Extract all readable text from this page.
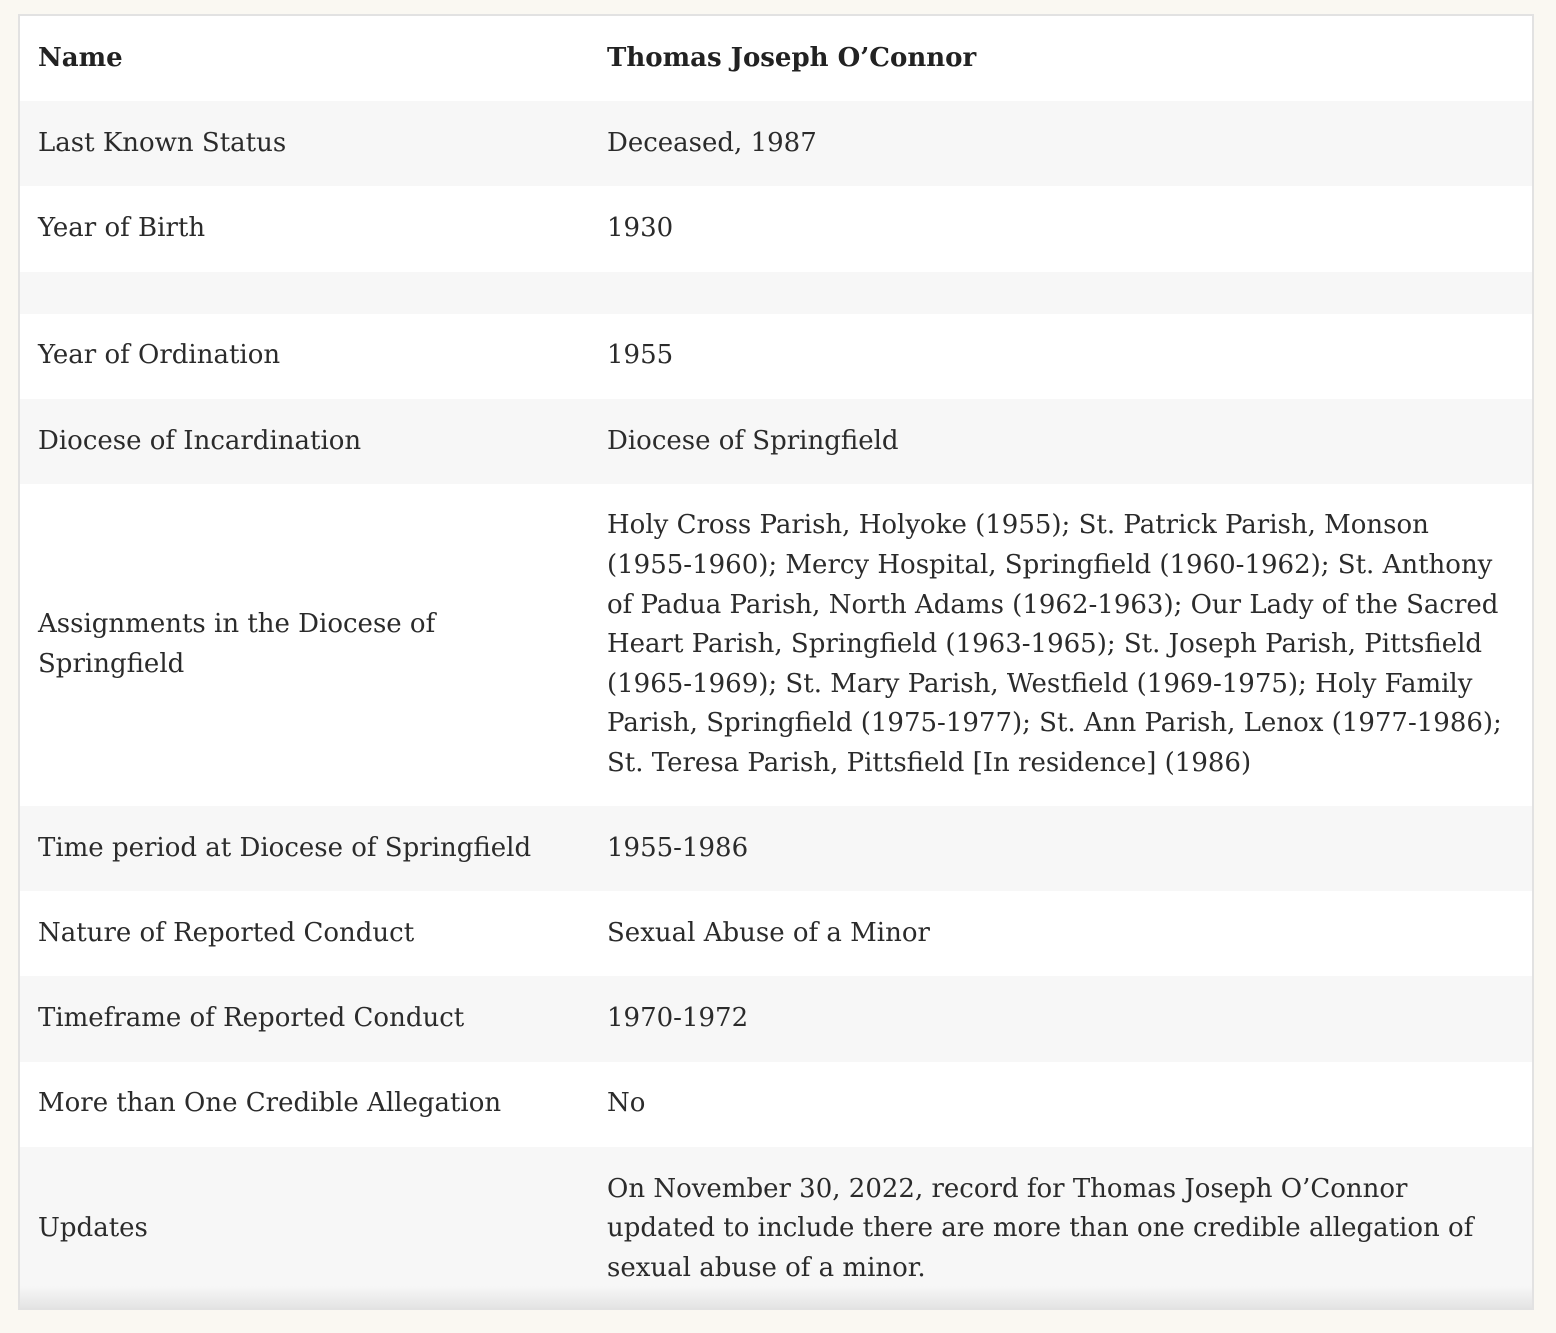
Name	Thomas Joseph O’Connor
Last Known Status	Deceased, 1987
Year of Birth	1930

Year of Ordination	1955
Diocese of Incardination	Diocese of Springfield
Assignments in the Diocese of Springfield	Holy Cross Parish, Holyoke (1955); St. Patrick Parish, Monson (1955-1960); Mercy Hospital, Springfield (1960-1962); St. Anthony of Padua Parish, North Adams (1962-1963); Our Lady of the Sacred Heart Parish, Springfield (1963-1965); St. Joseph Parish, Pittsfield (1965-1969); St. Mary Parish, Westfield (1969-1975); Holy Family Parish, Springfield (1975-1977); St. Ann Parish, Lenox (1977-1986); St. Teresa Parish, Pittsfield [In residence] (1986)
Time period at Diocese of Springfield	1955-1986
Nature of Reported Conduct	Sexual Abuse of a Minor
Timeframe of Reported Conduct	1970-1972
More than One Credible Allegation	No
Updates	On November 30, 2022, record for Thomas Joseph O’Connor updated to include there are more than one credible allegation of sexual abuse of a minor.
